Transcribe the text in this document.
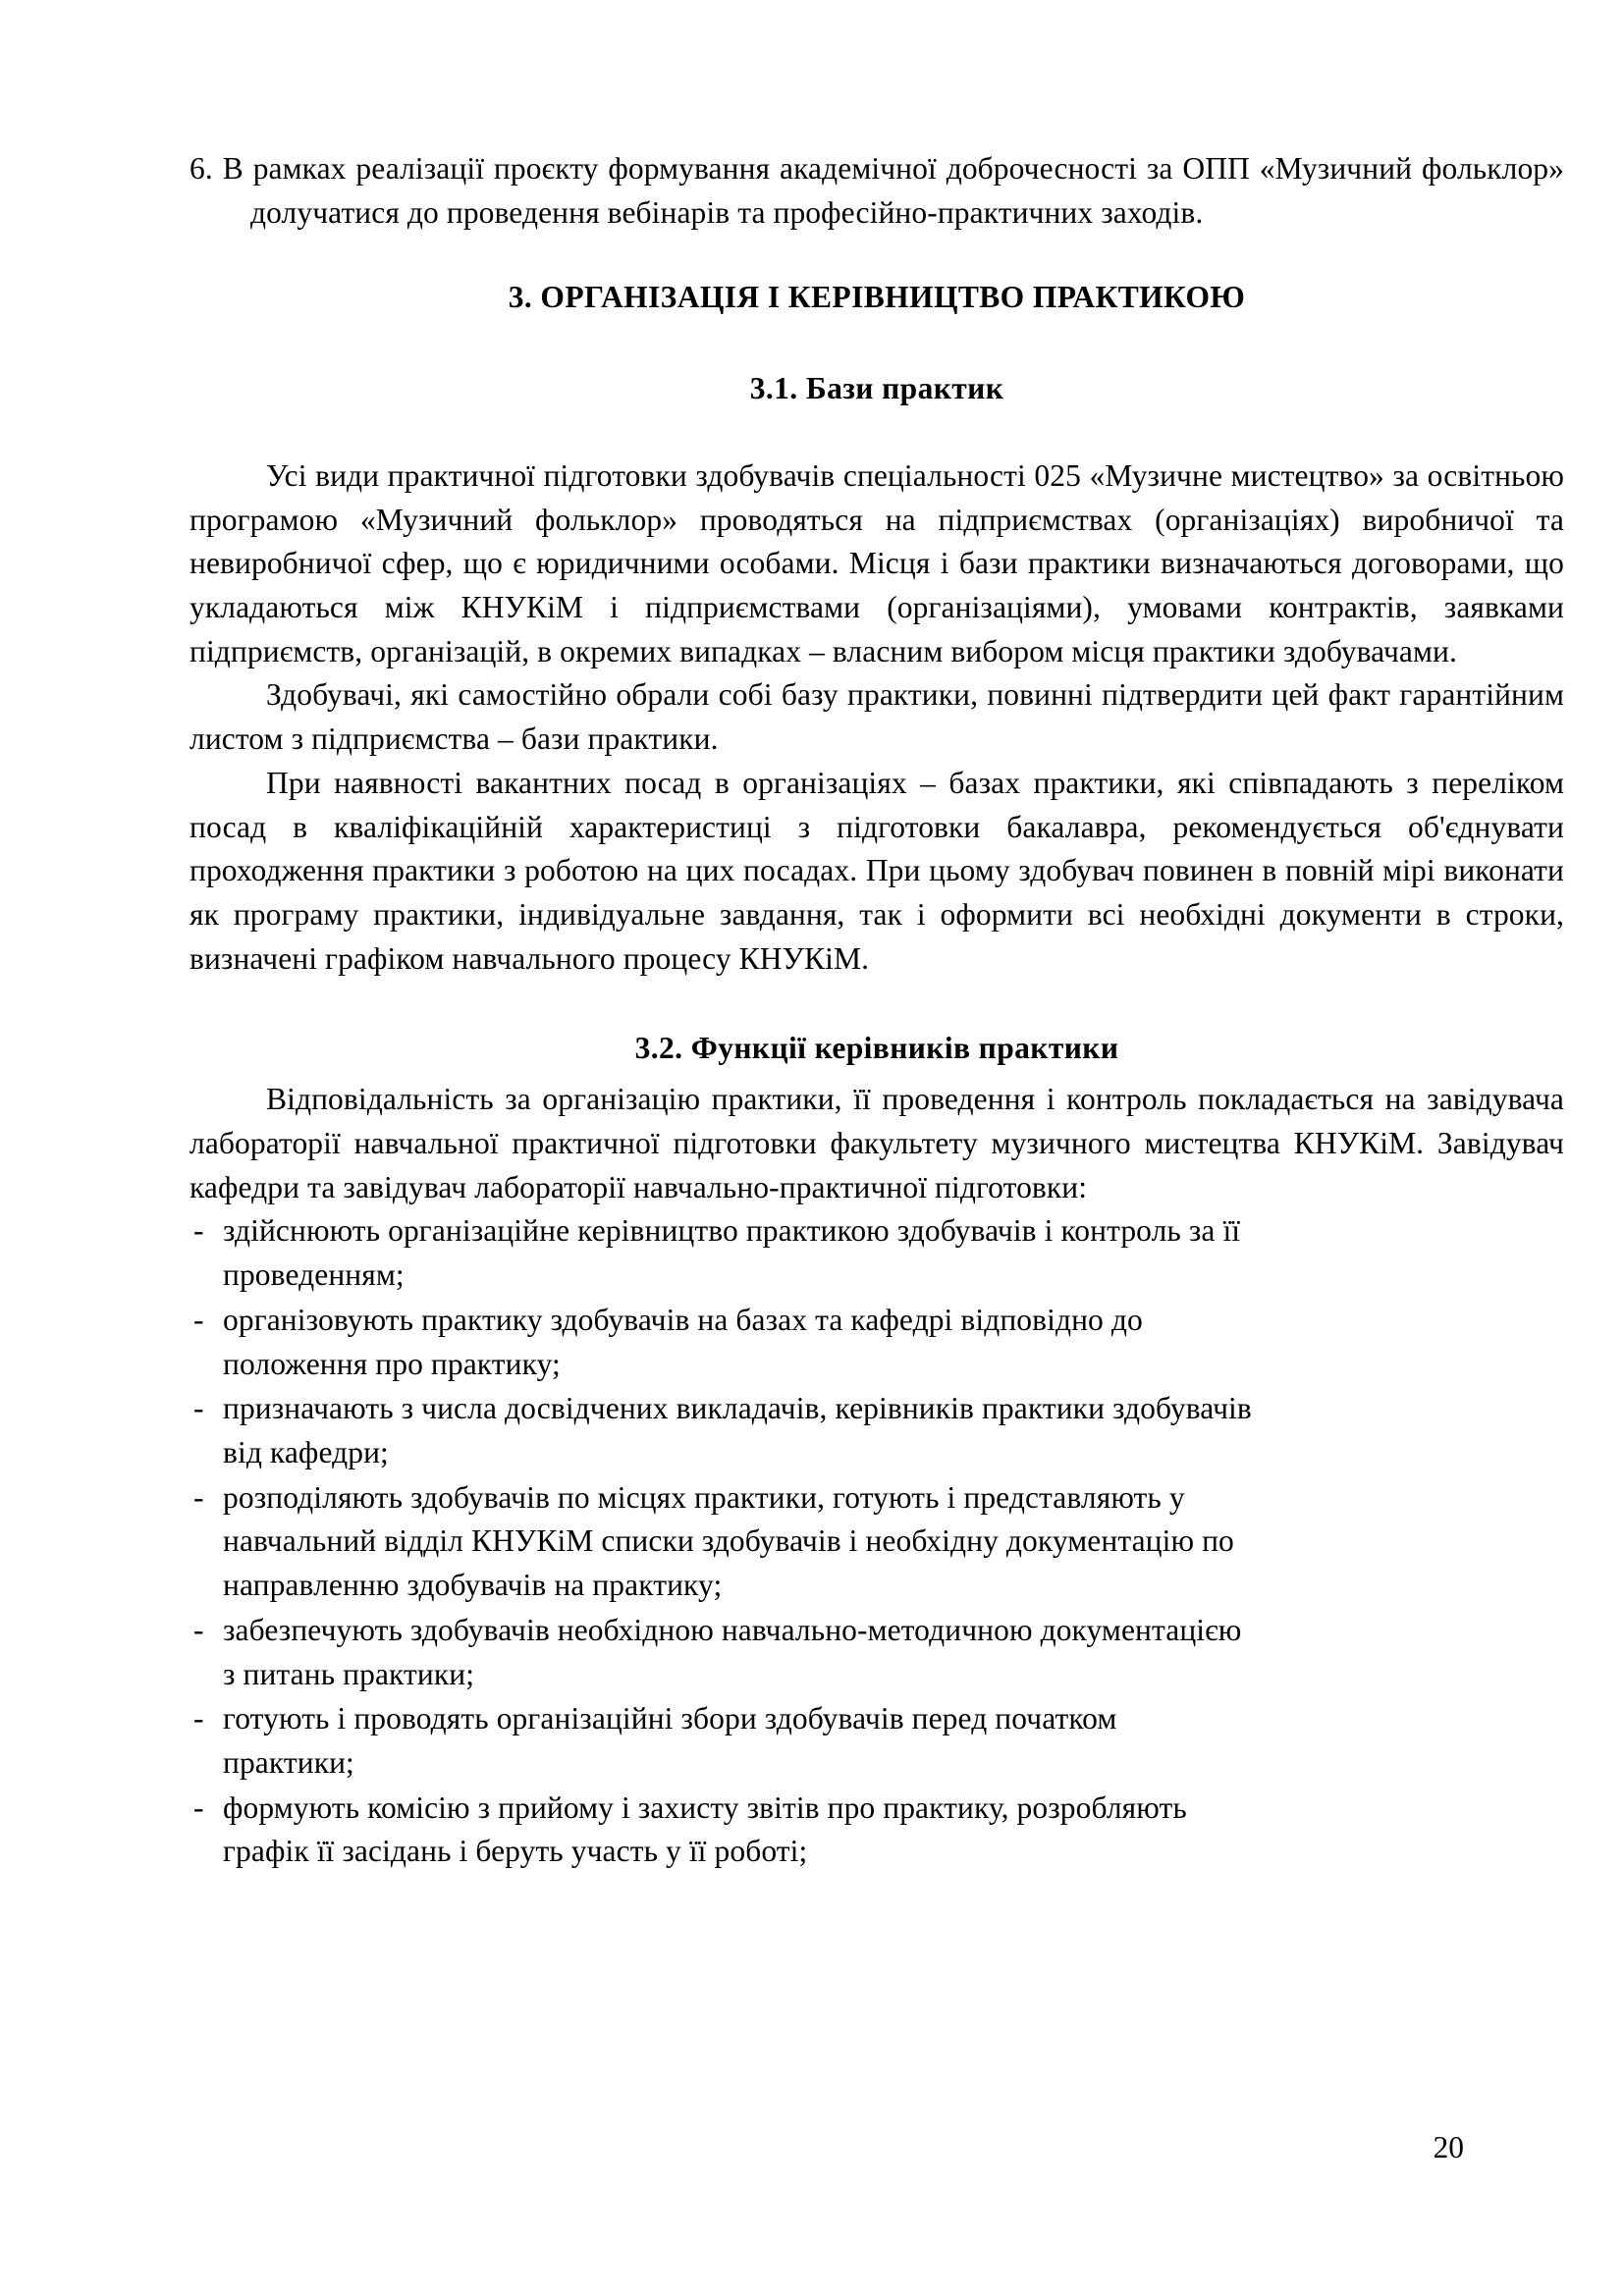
6. В рамках реалізації проєкту формування академічної доброчесності за ОПП «Музичний фольклор» долучатися до проведення вебінарів та професійно-практичних заходів.

3. ОРГАНІЗАЦІЯ І КЕРІВНИЦТВО ПРАКТИКОЮ
3.1. Бази практик

Усі види практичної підготовки здобувачів спеціальності 025 «Музичне мистецтво» за освітньою програмою «Музичний фольклор» проводяться на підприємствах (організаціях) виробничої та невиробничої сфер, що є юридичними особами. Місця і бази практики визначаються договорами, що укладаються між КНУКіМ і підприємствами (організаціями), умовами контрактів, заявками підприємств, організацій, в окремих випадках – власним вибором місця практики здобувачами.

Здобувачі, які самостійно обрали собі базу практики, повинні підтвердити цей факт гарантійним листом з підприємства – бази практики.

При наявності вакантних посад в організаціях – базах практики, які співпадають з переліком посад в кваліфікаційній характеристиці з підготовки бакалавра, рекомендується об'єднувати проходження практики з роботою на цих посадах. При цьому здобувач повинен в повній мірі виконати як програму практики, індивідуальне завдання, так і оформити всі необхідні документи в строки, визначені графіком навчального процесу КНУКіМ.

3.2. Функції керівників практики

Відповідальність за організацію практики, її проведення і контроль покладається на завідувача лабораторії навчальної практичної підготовки факультету музичного мистецтва КНУКіМ. Завідувач кафедри та завідувач лабораторії навчально-практичної підготовки:

- здійснюють організаційне керівництво практикою здобувачів і контроль за її
проведенням;
- організовують практику здобувачів на базах та кафедрі відповідно до
положення про практику;
- призначають з числа досвідчених викладачів, керівників практики здобувачів
від кафедри;
- розподіляють здобувачів по місцях практики, готують і представляють у
навчальний відділ КНУКіМ списки здобувачів і необхідну документацію по
направленню здобувачів на практику;
- забезпечують здобувачів необхідною навчально-методичною документацією
з питань практики;
- готують і проводять організаційні збори здобувачів перед початком
практики;
- формують комісію з прийому і захисту звітів про практику, розробляють
графік її засідань і беруть участь у її роботі;
20
